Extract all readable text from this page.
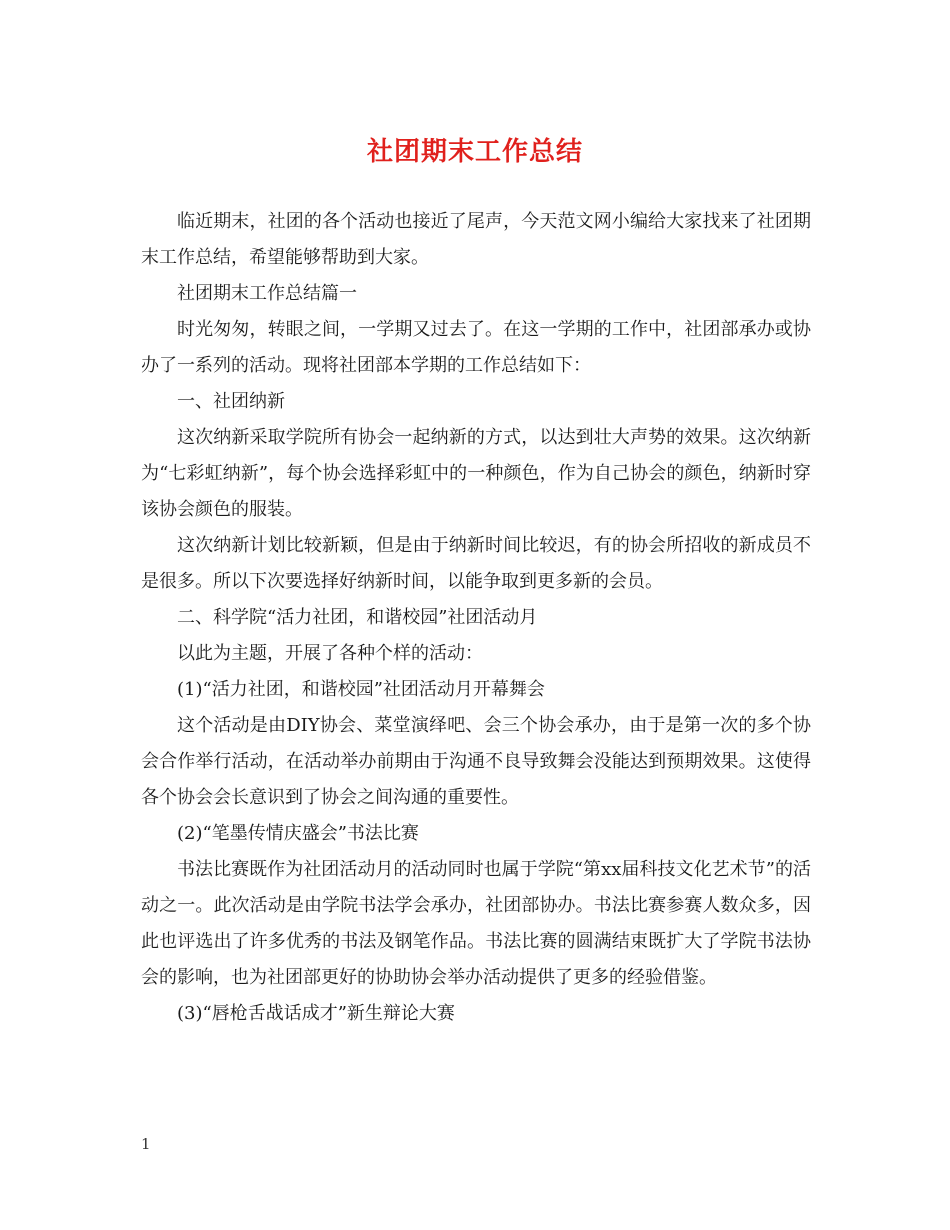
社团期末工作总结

临近期末，社团的各个活动也接近了尾声，今天范文网小编给大家找来了社团期末工作总结，希望能够帮助到大家。

社团期末工作总结篇一

时光匆匆，转眼之间，一学期又过去了。在这一学期的工作中，社团部承办或协办了一系列的活动。现将社团部本学期的工作总结如下：

一、社团纳新

这次纳新采取学院所有协会一起纳新的方式，以达到壮大声势的效果。这次纳新为“七彩虹纳新”，每个协会选择彩虹中的一种颜色，作为自己协会的颜色，纳新时穿该协会颜色的服装。

这次纳新计划比较新颖，但是由于纳新时间比较迟，有的协会所招收的新成员不是很多。所以下次要选择好纳新时间，以能争取到更多新的会员。

二、科学院“活力社团，和谐校园”社团活动月

以此为主题，开展了各种个样的活动：

(1)“活力社团，和谐校园”社团活动月开幕舞会

这个活动是由DIY协会、菜堂演绎吧、会三个协会承办，由于是第一次的多个协会合作举行活动，在活动举办前期由于沟通不良导致舞会没能达到预期效果。这使得各个协会会长意识到了协会之间沟通的重要性。

(2)“笔墨传情庆盛会”书法比赛

书法比赛既作为社团活动月的活动同时也属于学院“第xx届科技文化艺术节”的活动之一。此次活动是由学院书法学会承办，社团部协办。书法比赛参赛人数众多，因此也评选出了许多优秀的书法及钢笔作品。书法比赛的圆满结束既扩大了学院书法协会的影响，也为社团部更好的协助协会举办活动提供了更多的经验借鉴。

(3)“唇枪舌战话成才”新生辩论大赛

1
